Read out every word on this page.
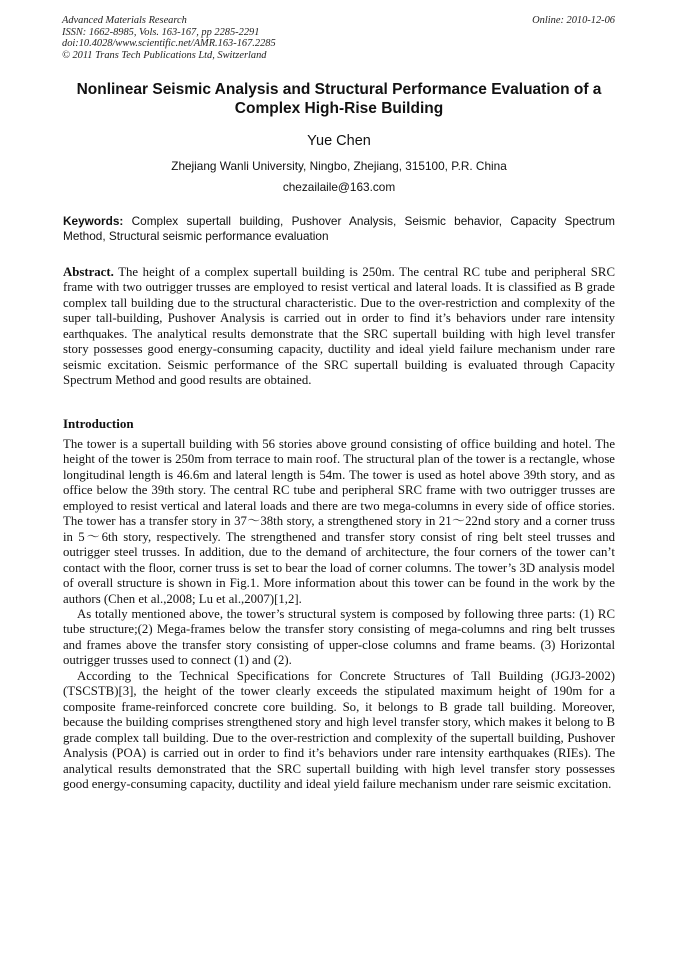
Advanced Materials Research
ISSN: 1662-8985, Vols. 163-167, pp 2285-2291
doi:10.4028/www.scientific.net/AMR.163-167.2285
© 2011 Trans Tech Publications Ltd, Switzerland
Online: 2010-12-06
Nonlinear Seismic Analysis and Structural Performance Evaluation of a Complex High-Rise Building
Yue Chen
Zhejiang Wanli University, Ningbo, Zhejiang, 315100, P.R. China
chezailaile@163.com
Keywords: Complex supertall building, Pushover Analysis, Seismic behavior, Capacity Spectrum Method, Structural seismic performance evaluation
Abstract. The height of a complex supertall building is 250m. The central RC tube and peripheral SRC frame with two outrigger trusses are employed to resist vertical and lateral loads. It is classified as B grade complex tall building due to the structural characteristic. Due to the over-restriction and complexity of the super tall-building, Pushover Analysis is carried out in order to find it’s behaviors under rare intensity earthquakes. The analytical results demonstrate that the SRC supertall building with high level transfer story possesses good energy-consuming capacity, ductility and ideal yield failure mechanism under rare seismic excitation. Seismic performance of the SRC supertall building is evaluated through Capacity Spectrum Method and good results are obtained.
Introduction

The tower is a supertall building with 56 stories above ground consisting of office building and hotel. The height of the tower is 250m from terrace to main roof. The structural plan of the tower is a rectangle, whose longitudinal length is 46.6m and lateral length is 54m. The tower is used as hotel above 39th story, and as office below the 39th story. The central RC tube and peripheral SRC frame with two outrigger trusses are employed to resist vertical and lateral loads and there are two mega-columns in every side of office stories. The tower has a transfer story in 37～38th story, a strengthened story in 21～22nd story and a corner truss in 5～6th story, respectively. The strengthened and transfer story consist of ring belt steel trusses and outrigger steel trusses. In addition, due to the demand of architecture, the four corners of the tower can’t contact with the floor, corner truss is set to bear the load of corner columns. The tower’s 3D analysis model of overall structure is shown in Fig.1. More information about this tower can be found in the work by the authors (Chen et al.,2008; Lu et al.,2007)[1,2].

As totally mentioned above, the tower’s structural system is composed by following three parts: (1) RC tube structure;(2) Mega-frames below the transfer story consisting of mega-columns and ring belt trusses and frames above the transfer story consisting of upper-close columns and frame beams. (3) Horizontal outrigger trusses used to connect (1) and (2).

According to the Technical Specifications for Concrete Structures of Tall Building (JGJ3-2002)(TSCSTB)[3], the height of the tower clearly exceeds the stipulated maximum height of 190m for a composite frame-reinforced concrete core building. So, it belongs to B grade tall building. Moreover, because the building comprises strengthened story and high level transfer story, which makes it belong to B grade complex tall building. Due to the over-restriction and complexity of the supertall building, Pushover Analysis (POA) is carried out in order to find it’s behaviors under rare intensity earthquakes (RIEs). The analytical results demonstrated that the SRC supertall building with high level transfer story possesses good energy-consuming capacity, ductility and ideal yield failure mechanism under rare seismic excitation.
